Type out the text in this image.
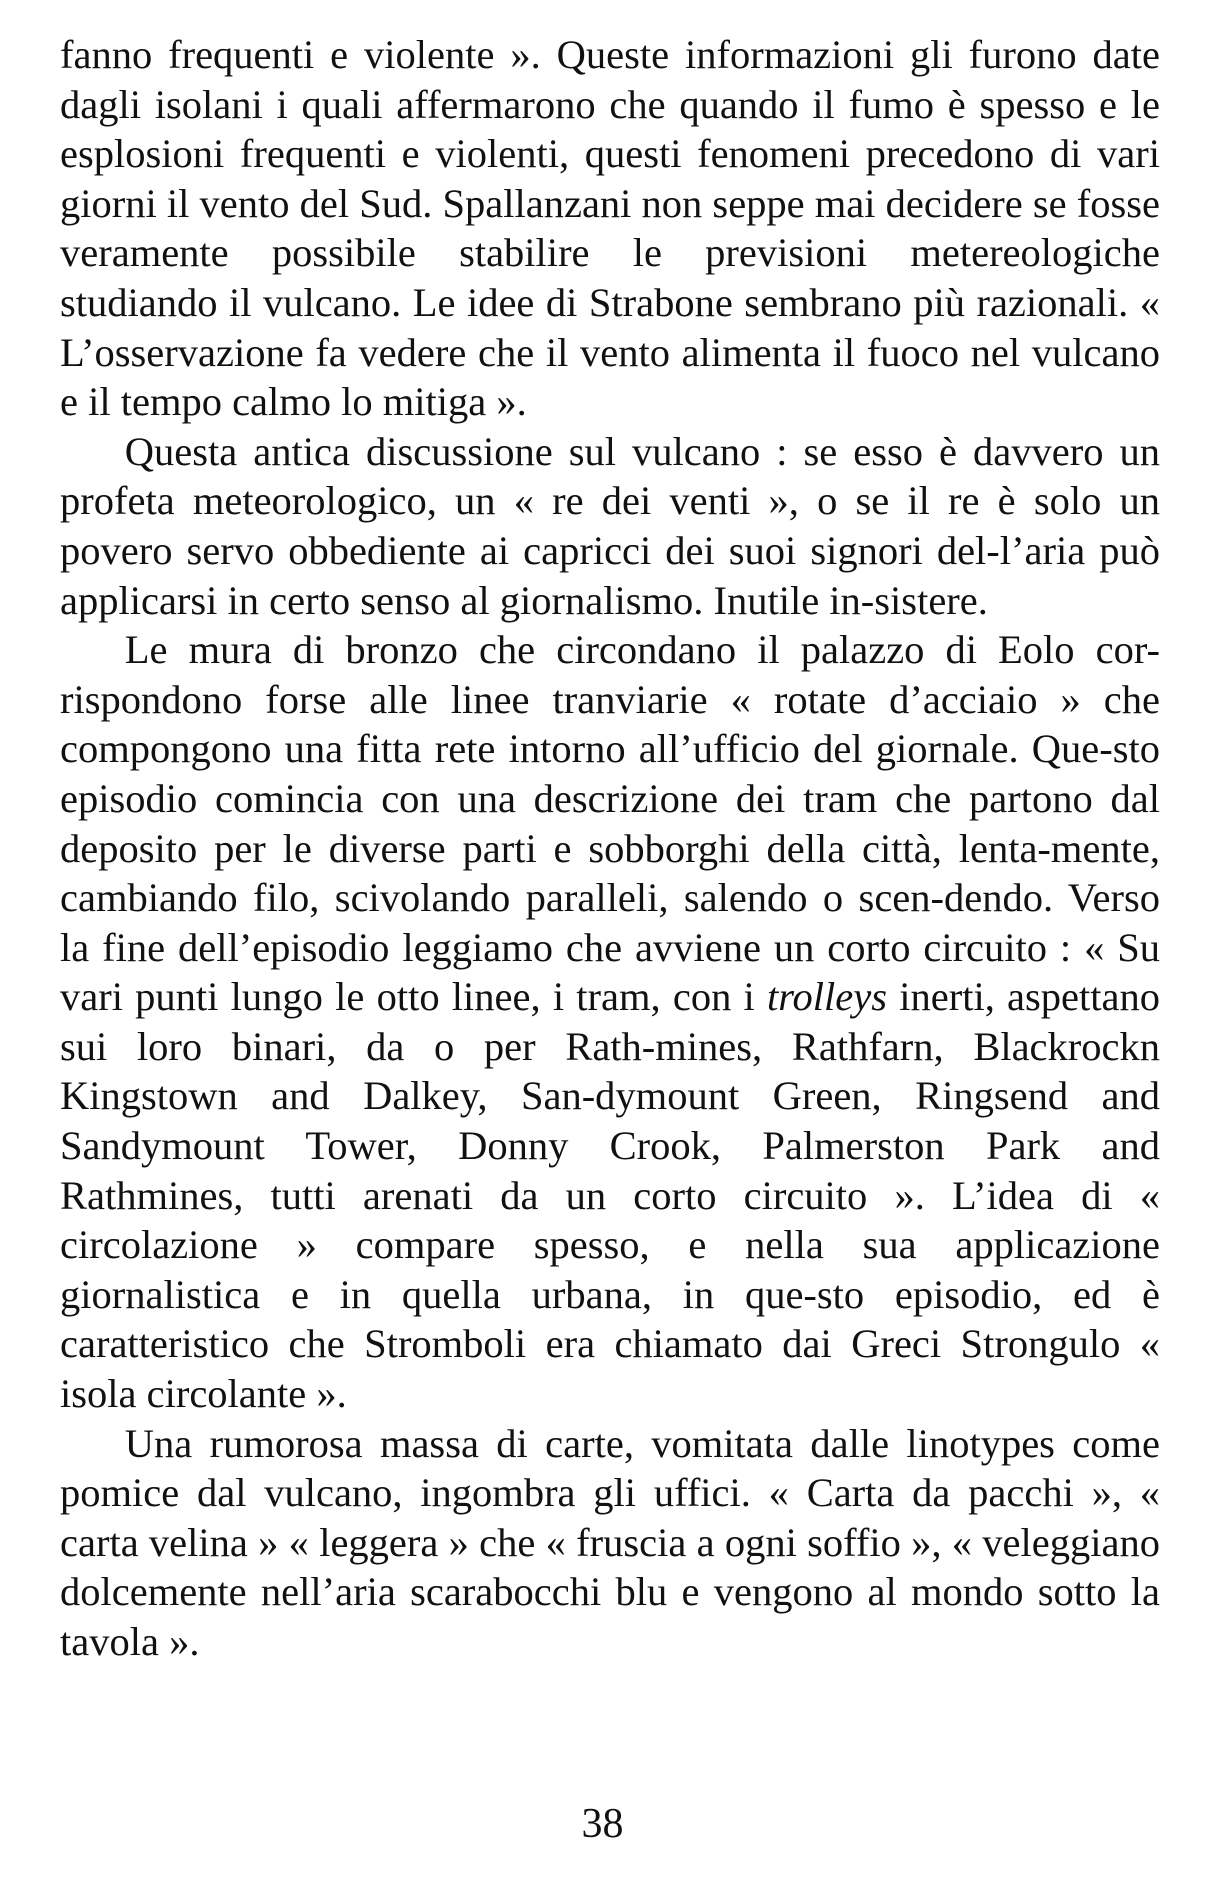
fanno frequenti e violente ». Queste informazioni gli furono date dagli isolani i quali affermarono che quando il fumo è spesso e le esplosioni frequenti e violenti, questi fenomeni precedono di vari giorni il vento del Sud. Spallanzani non seppe mai decidere se fosse veramente possibile stabilire le previsioni metereologiche studiando il vulcano. Le idee di Strabone sembrano più razionali. « L’osservazione fa vedere che il vento alimenta il fuoco nel vulcano e il tempo calmo lo mitiga ».

Questa antica discussione sul vulcano : se esso è davvero un profeta meteorologico, un « re dei venti », o se il re è solo un povero servo obbediente ai capricci dei suoi signori del-l’aria può applicarsi in certo senso al giornalismo. Inutile in-sistere.

Le mura di bronzo che circondano il palazzo di Eolo cor-rispondono forse alle linee tranviarie « rotate d’acciaio » che compongono una fitta rete intorno all’ufficio del giornale. Que-sto episodio comincia con una descrizione dei tram che partono dal deposito per le diverse parti e sobborghi della città, lenta-mente, cambiando filo, scivolando paralleli, salendo o scen-dendo. Verso la fine dell’episodio leggiamo che avviene un corto circuito : « Su vari punti lungo le otto linee, i tram, con i trolleys inerti, aspettano sui loro binari, da o per Rath-mines, Rathfarn, Blackrockn Kingstown and Dalkey, San-dymount Green, Ringsend and Sandymount Tower, Donny Crook, Palmerston Park and Rathmines, tutti arenati da un corto circuito ». L’idea di « circolazione » compare spesso, e nella sua applicazione giornalistica e in quella urbana, in que-sto episodio, ed è caratteristico che Stromboli era chiamato dai Greci Strongulo « isola circolante ».

Una rumorosa massa di carte, vomitata dalle linotypes come pomice dal vulcano, ingombra gli uffici. « Carta da pacchi », « carta velina » « leggera » che « fruscia a ogni soffio », « veleggiano dolcemente nell’aria scarabocchi blu e vengono al mondo sotto la tavola ».

38
